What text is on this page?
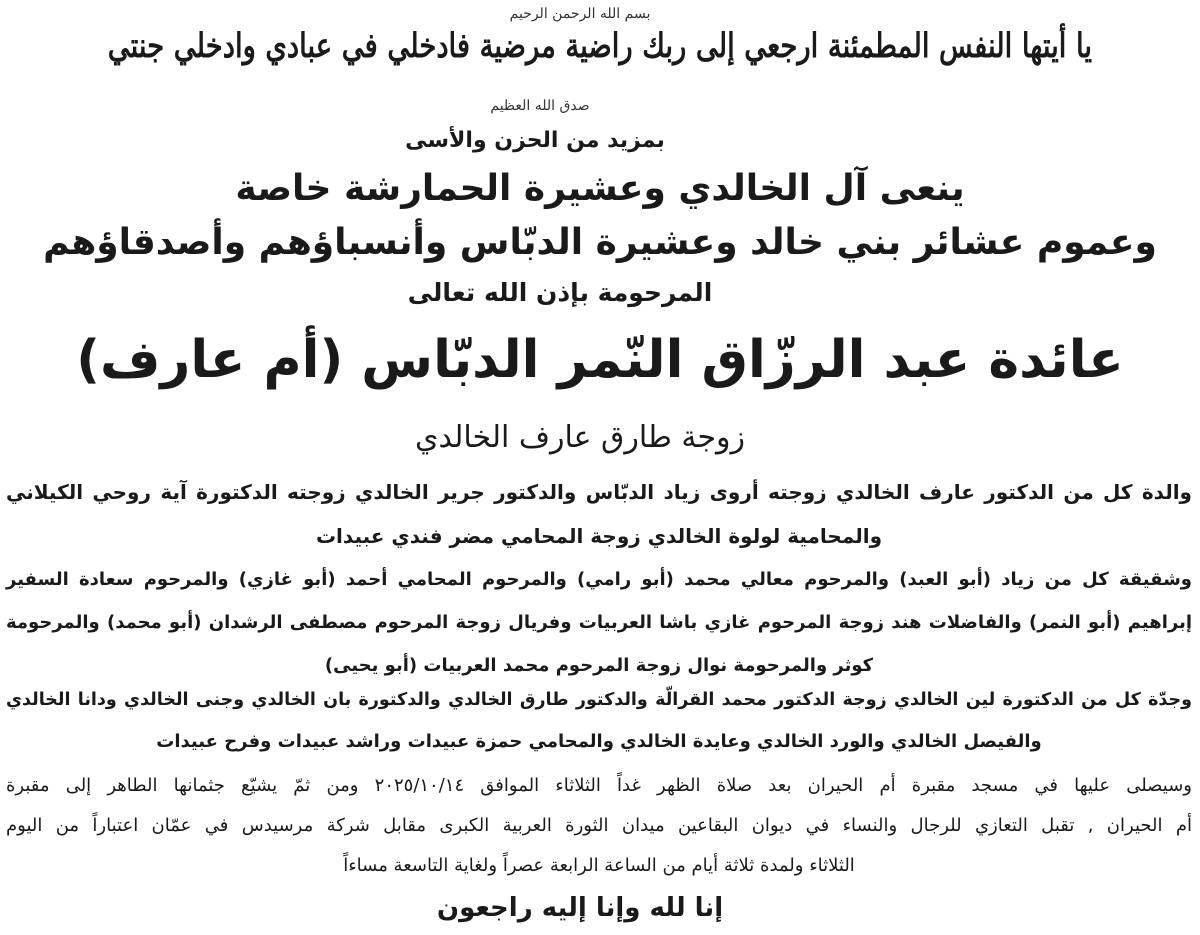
بسم الله الرحمن الرحيم
يا أيتها النفس المطمئنة ارجعي إلى ربك راضية مرضية فادخلي في عبادي وادخلي جنتي
صدق الله العظيم
بمزيد من الحزن والأسى
ينعى آل الخالدي وعشيرة الحمارشة خاصة
وعموم عشائر بني خالد وعشيرة الدبّاس وأنسباؤهم وأصدقاؤهم
المرحومة بإذن الله تعالى
عائدة عبد الرزّاق النّمر الدبّاس (أم عارف)
زوجة طارق عارف الخالدي
والدة كل من الدكتور عارف الخالدي زوجته أروى زياد الدبّاس والدكتور جرير الخالدي زوجته الدكتورة آية روحي الكيلاني
والمحامية لولوة الخالدي زوجة المحامي مضر فندي عبيدات
وشقيقة كل من زياد (أبو العبد) والمرحوم معالي محمد (أبو رامي) والمرحوم المحامي أحمد (أبو غازي) والمرحوم سعادة السفير
إبراهيم (أبو النمر) والفاضلات هند زوجة المرحوم غازي باشا العربيات وفريال زوجة المرحوم مصطفى الرشدان (أبو محمد) والمرحومة
كوثر والمرحومة نوال زوجة المرحوم محمد العربيات (أبو يحيى)
وجدّة كل من الدكتورة لين الخالدي زوجة الدكتور محمد القرالّة والدكتور طارق الخالدي والدكتورة بان الخالدي وجنى الخالدي ودانا الخالدي
والفيصل الخالدي والورد الخالدي وعايدة الخالدي والمحامي حمزة عبيدات وراشد عبيدات وفرح عبيدات
وسيصلى عليها في مسجد مقبرة أم الحيران بعد صلاة الظهر غداً الثلاثاء الموافق ٢٠٢٥/١٠/١٤ ومن ثمّ يشيّع جثمانها الطاهر إلى مقبرة
أم الحيران , تقبل التعازي للرجال والنساء في ديوان البقاعين ميدان الثورة العربية الكبرى مقابل شركة مرسيدس في عمّان اعتباراً من اليوم
الثلاثاء ولمدة ثلاثة أيام من الساعة الرابعة عصراً ولغاية التاسعة مساءاً
إنا لله وإنا إليه راجعون
